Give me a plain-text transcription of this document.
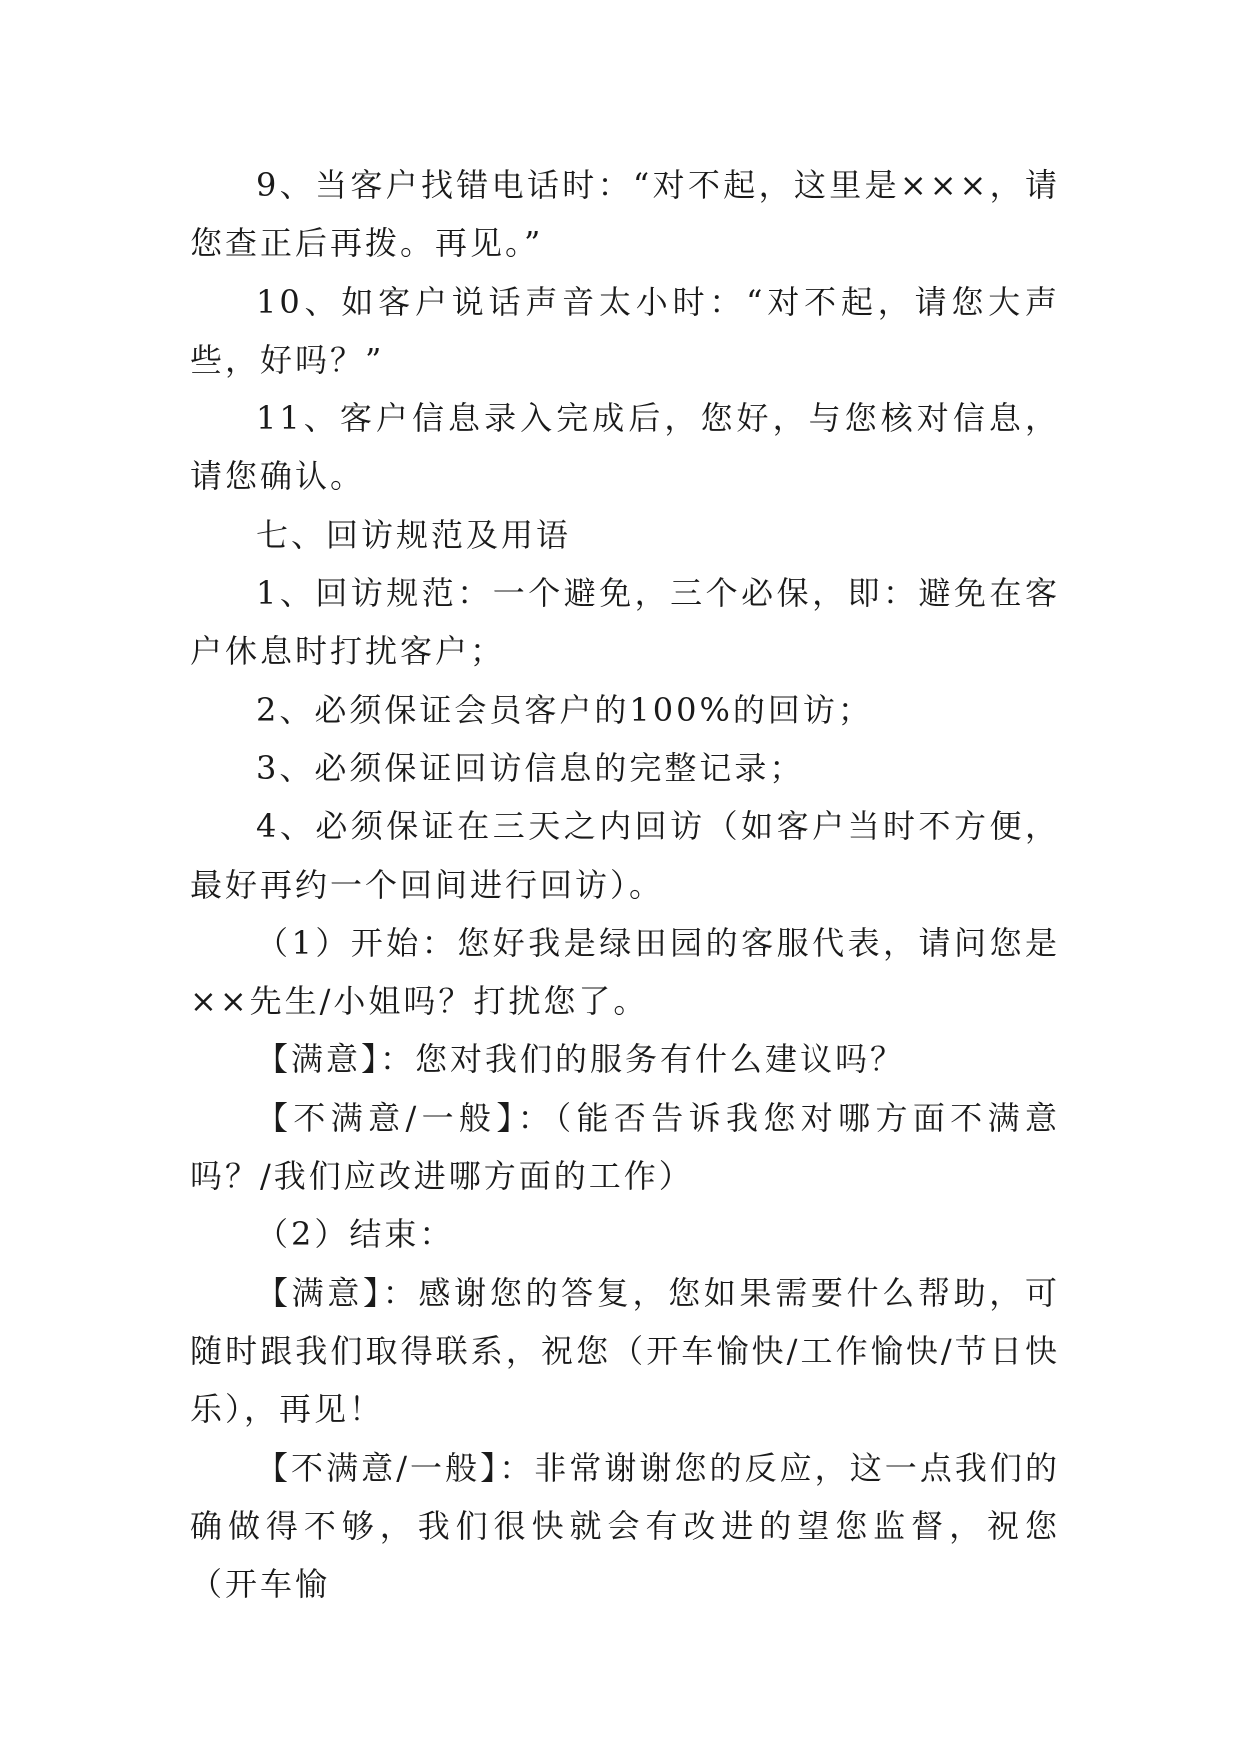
9、当客户找错电话时：“对不起，这里是×××，请您查正后再拨。再见。”

10、如客户说话声音太小时：“对不起，请您大声些，好吗？”

11、客户信息录入完成后，您好，与您核对信息，请您确认。

七、回访规范及用语

1、回访规范：一个避免，三个必保，即：避免在客户休息时打扰客户；

2、必须保证会员客户的100%的回访；

3、必须保证回访信息的完整记录；

4、必须保证在三天之内回访（如客户当时不方便，最好再约一个回间进行回访）。

（1）开始：您好我是绿田园的客服代表，请问您是××先生/小姐吗？打扰您了。

【满意】：您对我们的服务有什么建议吗？

【不满意/一般】：（能否告诉我您对哪方面不满意吗？/我们应改进哪方面的工作）

（2）结束：

【满意】：感谢您的答复，您如果需要什么帮助，可随时跟我们取得联系，祝您（开车愉快/工作愉快/节日快乐），再见！

【不满意/一般】：非常谢谢您的反应，这一点我们的确做得不够，我们很快就会有改进的望您监督，祝您（开车愉
